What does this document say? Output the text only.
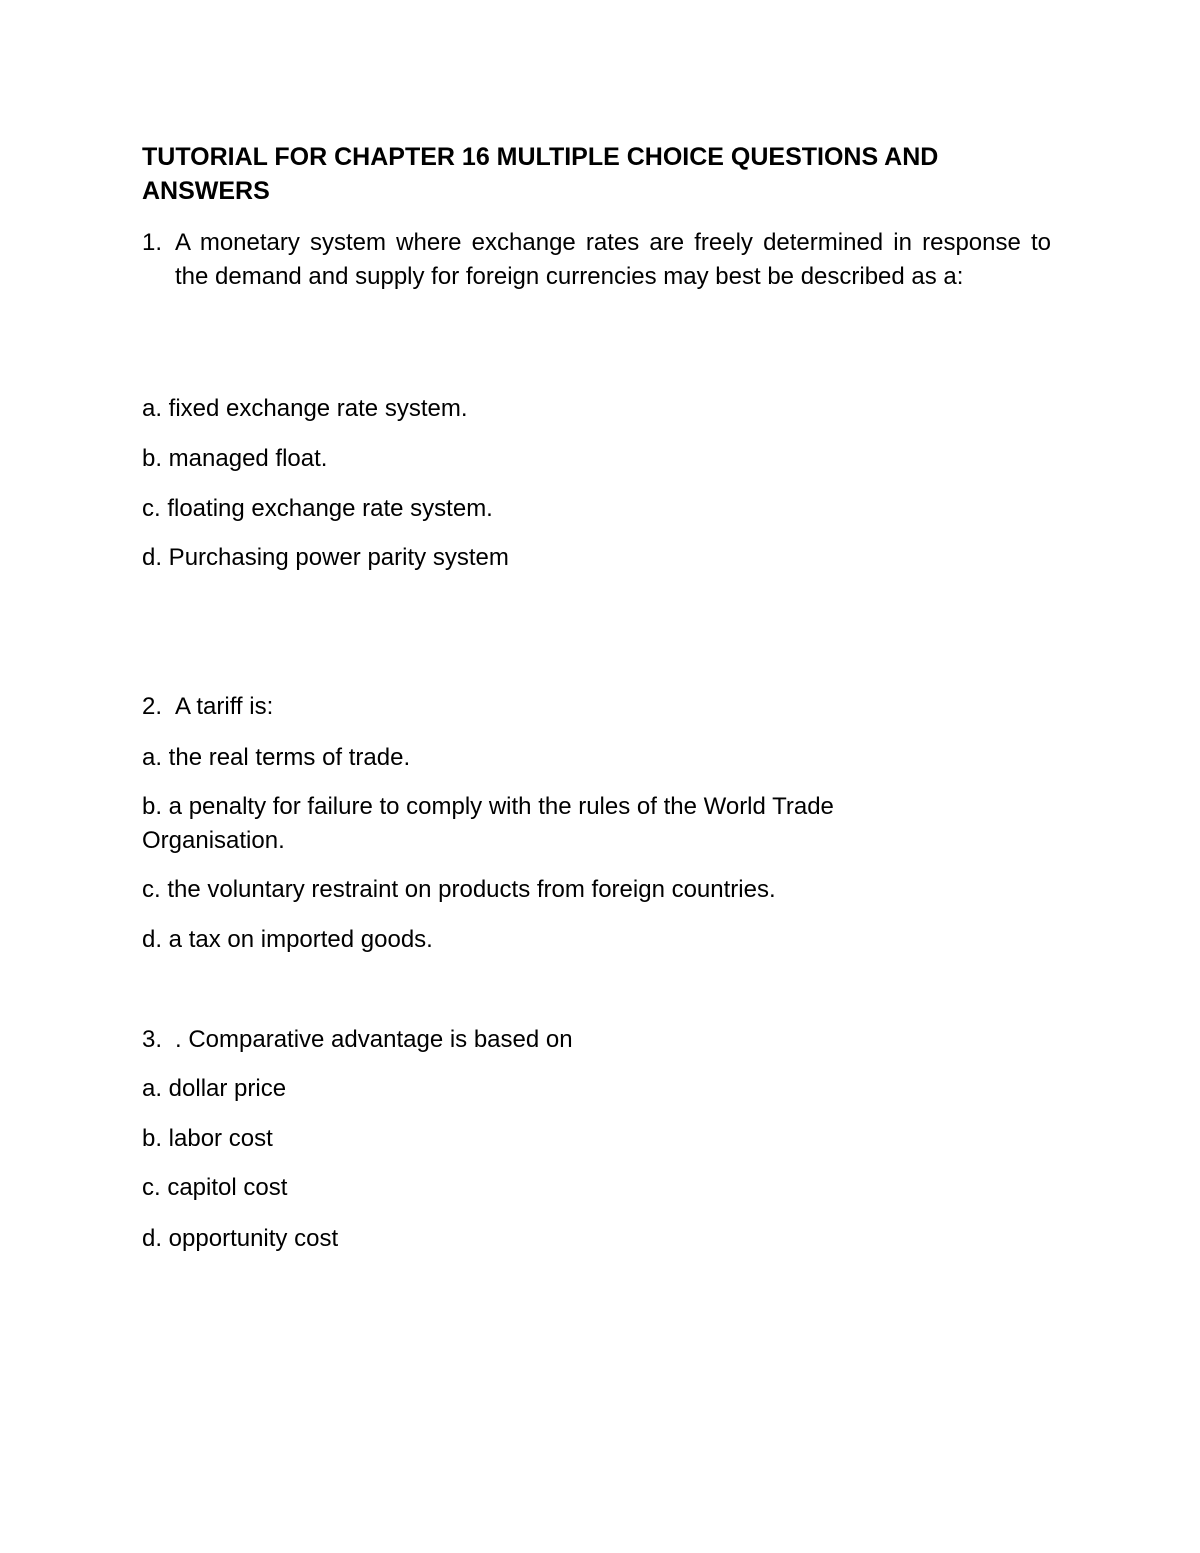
TUTORIAL FOR CHAPTER 16 MULTIPLE CHOICE QUESTIONS AND
ANSWERS
1. A monetary system where exchange rates are freely determined in response to the demand and supply for foreign currencies may best be described as a:
a. fixed exchange rate system.
b. managed float.
c. floating exchange rate system.
d. Purchasing power parity system
2. A tariff is:
a. the real terms of trade.
b. a penalty for failure to comply with the rules of the World Trade Organisation.
c. the voluntary restraint on products from foreign countries.
d. a tax on imported goods.
3. . Comparative advantage is based on
a. dollar price
b. labor cost
c. capitol cost
d. opportunity cost
